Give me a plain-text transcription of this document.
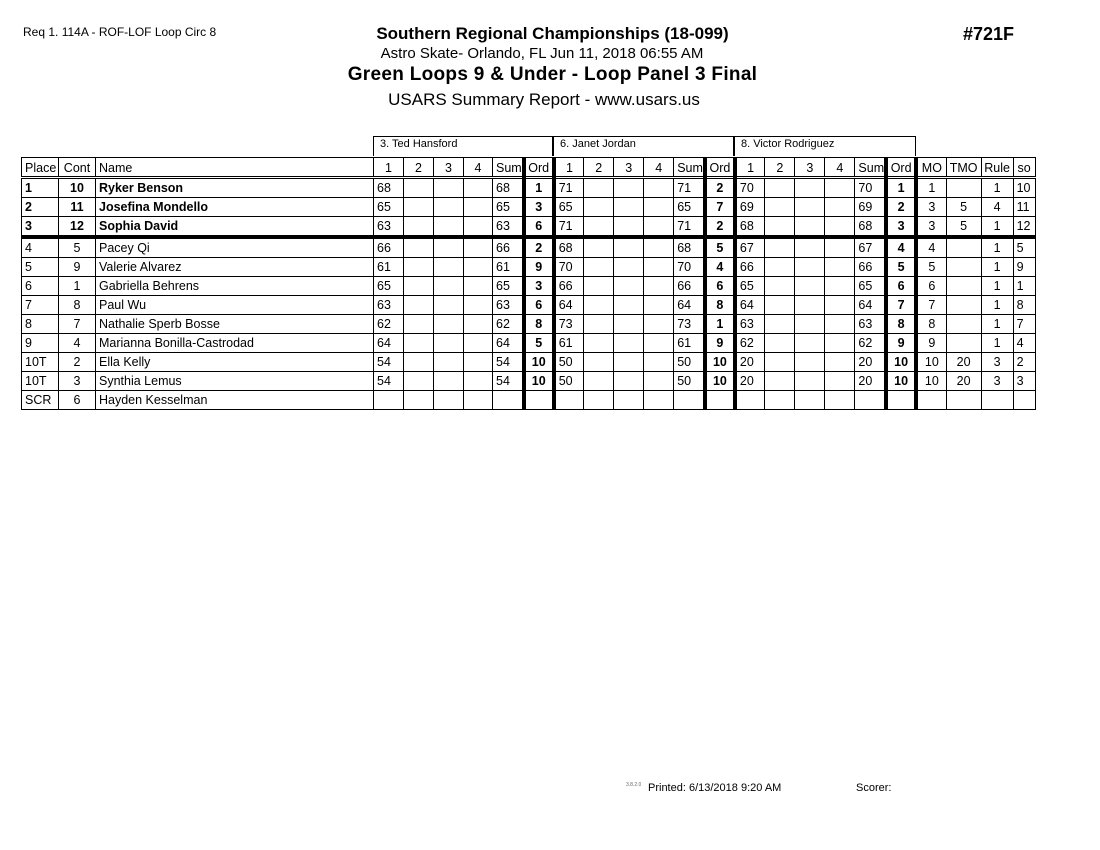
Req 1. 114A - ROF-LOF Loop Circ 8	Southern Regional Championships (18-099)
Astro Skate- Orlando, FL Jun 11, 2018 06:55 AM
Green Loops 9 & Under - Loop Panel 3 Final
USARS Summary Report - www.usars.us
#721F
3. Ted Hansford	6. Janet Jordan	8. Victor Rodriguez
Place	Cont	Name	1	2	3	4	Sum	Ord	1	2	3	4	Sum	Ord	1	2	3	4	Sum	Ord	MO	TMO	Rule	so
1	10	Ryker Benson	68				68	1	71				71	2	70				70	1	1		1	10
2	11	Josefina Mondello	65				65	3	65				65	7	69				69	2	3	5	4	11
3	12	Sophia David	63				63	6	71				71	2	68				68	3	3	5	1	12
4	5	Pacey Qi	66				66	2	68				68	5	67				67	4	4		1	5
5	9	Valerie Alvarez	61				61	9	70				70	4	66				66	5	5		1	9
6	1	Gabriella Behrens	65				65	3	66				66	6	65				65	6	6		1	1
7	8	Paul Wu	63				63	6	64				64	8	64				64	7	7		1	8
8	7	Nathalie Sperb Bosse	62				62	8	73				73	1	63				63	8	8		1	7
9	4	Marianna Bonilla-Castrodad	64				64	5	61				61	9	62				62	9	9		1	4
10T	2	Ella Kelly	54				54	10	50				50	10	20				20	10	10	20	3	2
10T	3	Synthia Lemus	54				54	10	50				50	10	20				20	10	10	20	3	3
SCR	6	Hayden Kesselman																						
3.8.2.0 Printed: 6/13/2018 9:20 AM	Scorer:
